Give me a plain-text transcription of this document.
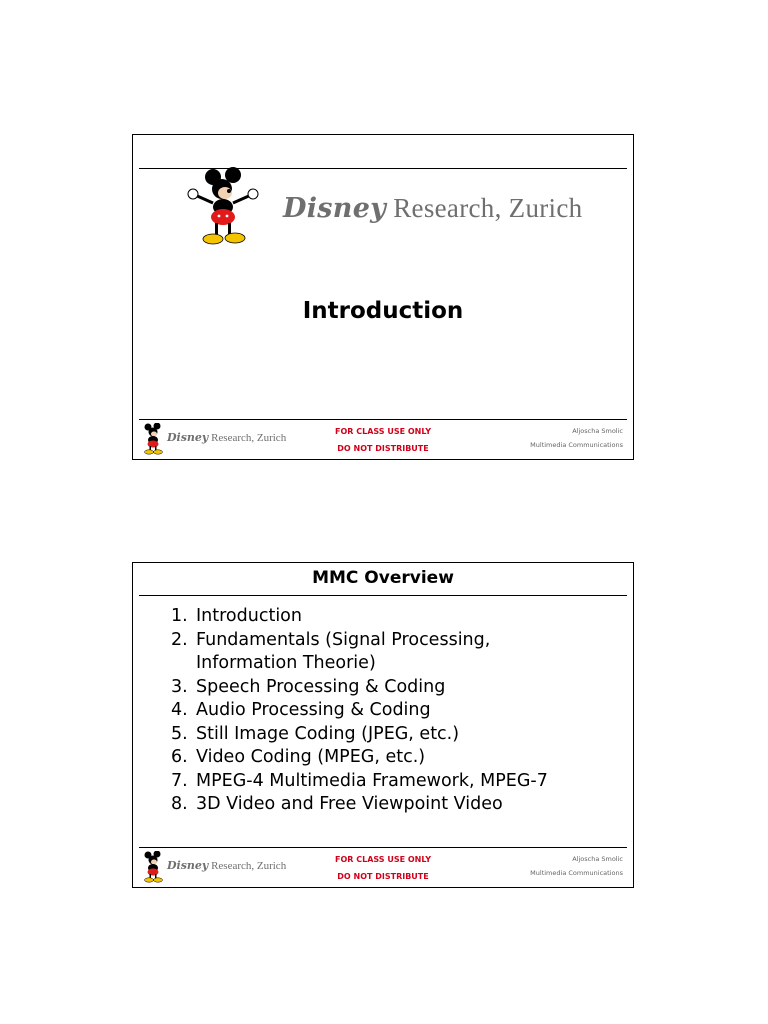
Disney Research, Zurich
Introduction
Disney Research, Zurich
FOR CLASS USE ONLY
DO NOT DISTRIBUTE
Aljoscha Smolic
Multimedia Communications
MMC Overview
1. Introduction
2. Fundamentals (Signal Processing, Information Theorie)
3. Speech Processing & Coding
4. Audio Processing & Coding
5. Still Image Coding (JPEG, etc.)
6. Video Coding (MPEG, etc.)
7. MPEG-4 Multimedia Framework, MPEG-7
8. 3D Video and Free Viewpoint Video
Disney Research, Zurich
FOR CLASS USE ONLY
DO NOT DISTRIBUTE
Aljoscha Smolic
Multimedia Communications
